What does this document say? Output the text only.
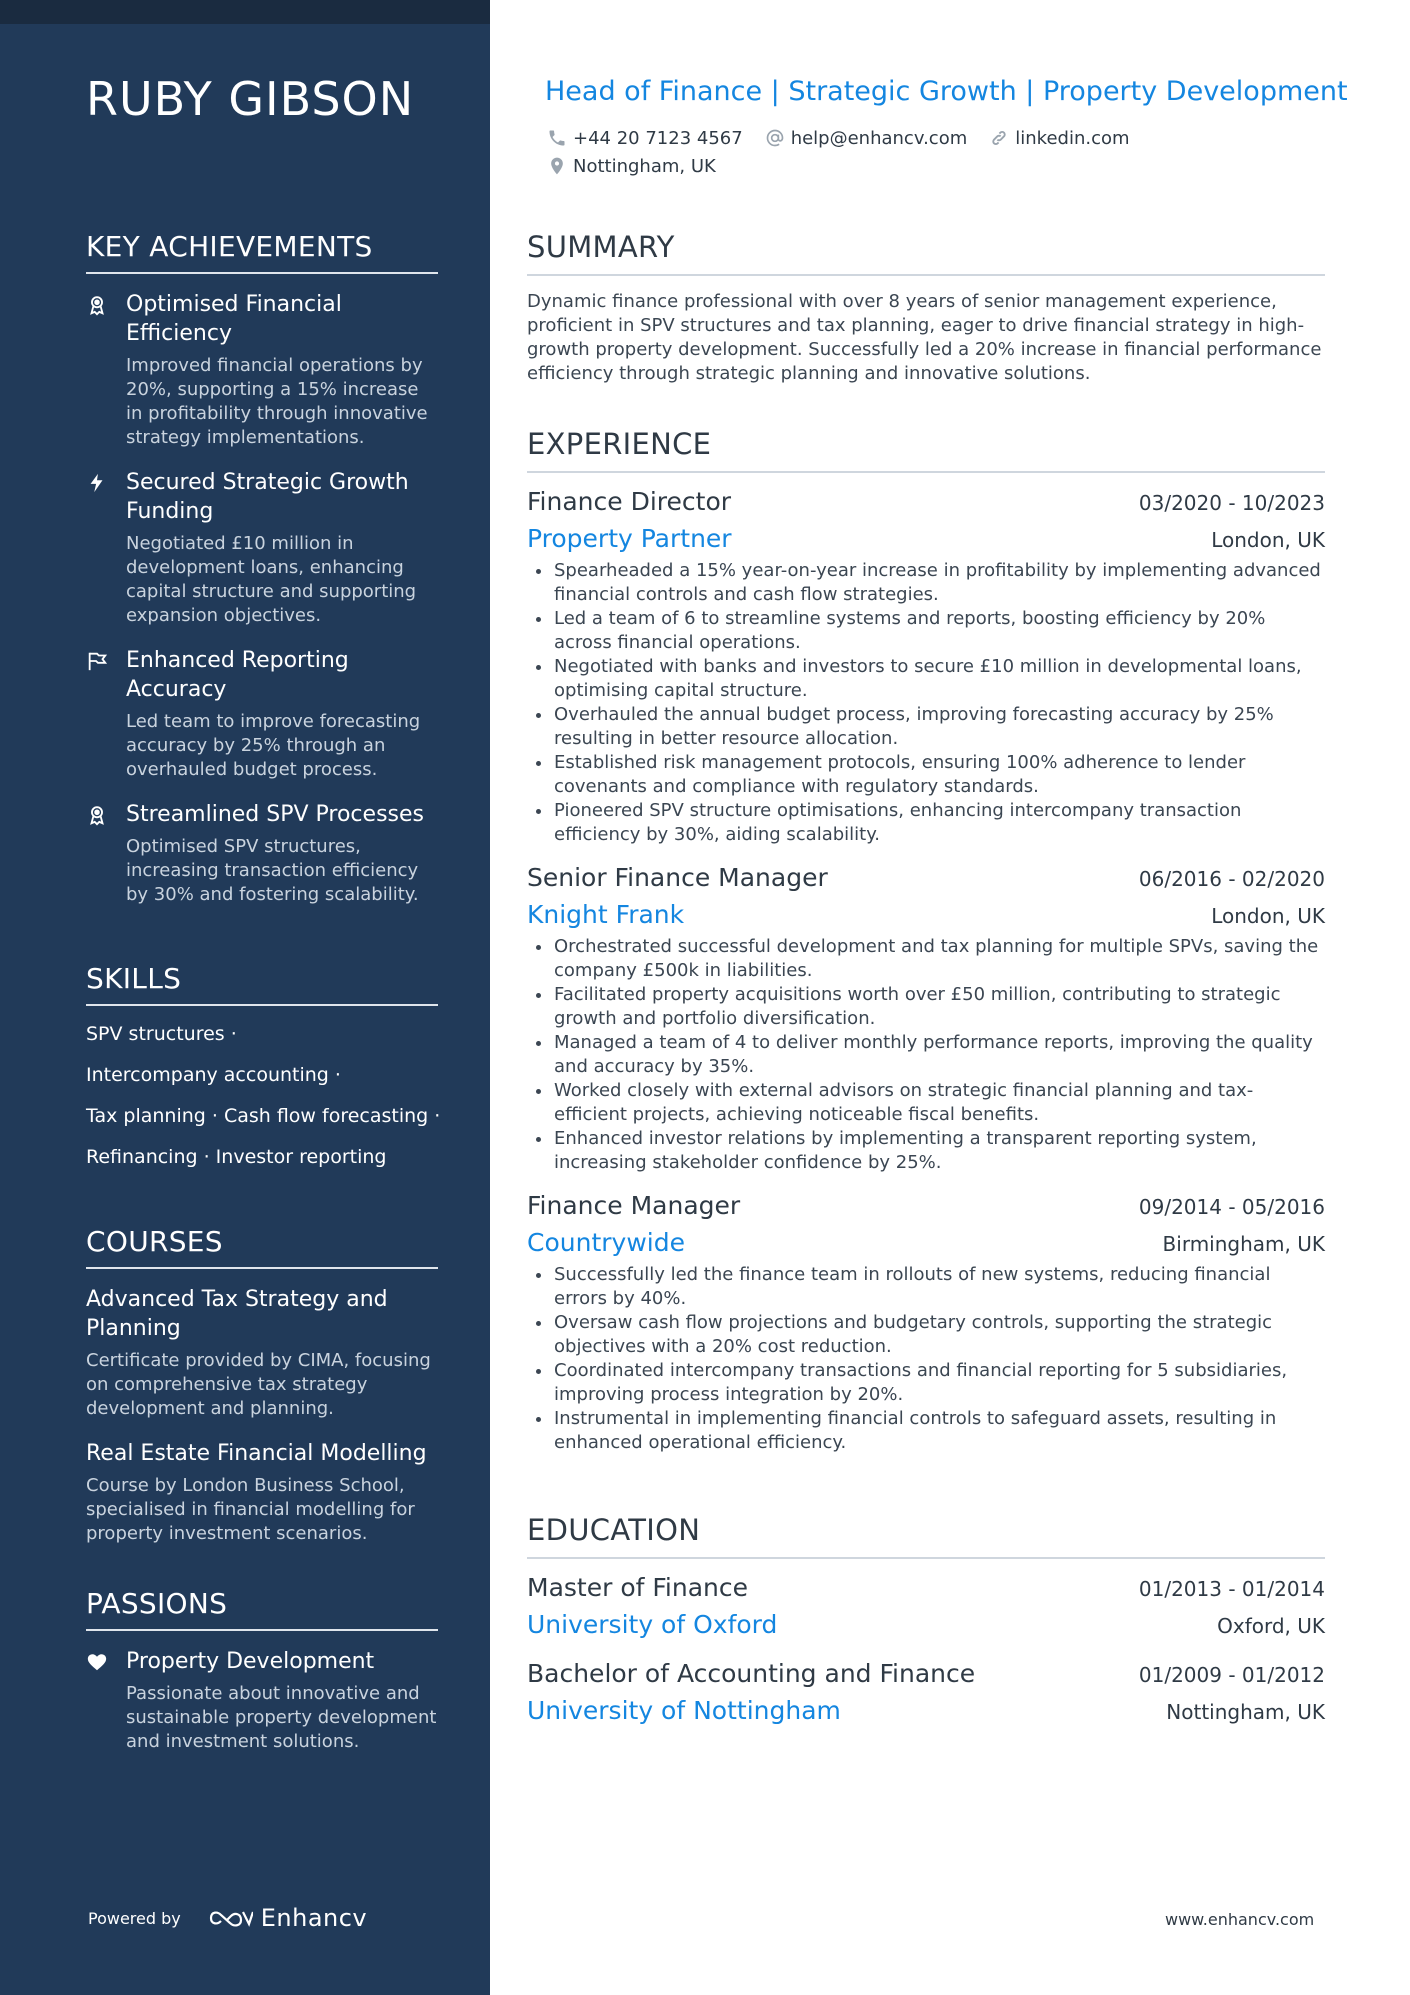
RUBY GIBSON
KEY ACHIEVEMENTS
Optimised Financial Efficiency
Improved financial operations by 20%, supporting a 15% increase in profitability through innovative strategy implementations.
Secured Strategic Growth Funding
Negotiated £10 million in development loans, enhancing capital structure and supporting expansion objectives.
Enhanced Reporting Accuracy
Led team to improve forecasting accuracy by 25% through an overhauled budget process.
Streamlined SPV Processes
Optimised SPV structures, increasing transaction efficiency by 30% and fostering scalability.
SKILLS
SPV structures ·
Intercompany accounting ·
Tax planning · Cash flow forecasting ·
Refinancing · Investor reporting
COURSES
Advanced Tax Strategy and Planning
Certificate provided by CIMA, focusing on comprehensive tax strategy development and planning.
Real Estate Financial Modelling
Course by London Business School, specialised in financial modelling for property investment scenarios.
PASSIONS
Property Development
Passionate about innovative and sustainable property development and investment solutions.
Powered by	Enhancv
Head of Finance | Strategic Growth | Property Development
+44 20 7123 4567	help@enhancv.com	linkedin.com
Nottingham, UK
SUMMARY
Dynamic finance professional with over 8 years of senior management experience, proficient in SPV structures and tax planning, eager to drive financial strategy in high-growth property development. Successfully led a 20% increase in financial performance efficiency through strategic planning and innovative solutions.
EXPERIENCE
Finance Director	03/2020 - 10/2023
Property Partner	London, UK
Spearheaded a 15% year-on-year increase in profitability by implementing advanced financial controls and cash flow strategies.
Led a team of 6 to streamline systems and reports, boosting efficiency by 20% across financial operations.
Negotiated with banks and investors to secure £10 million in developmental loans, optimising capital structure.
Overhauled the annual budget process, improving forecasting accuracy by 25% resulting in better resource allocation.
Established risk management protocols, ensuring 100% adherence to lender covenants and compliance with regulatory standards.
Pioneered SPV structure optimisations, enhancing intercompany transaction efficiency by 30%, aiding scalability.
Senior Finance Manager	06/2016 - 02/2020
Knight Frank	London, UK
Orchestrated successful development and tax planning for multiple SPVs, saving the company £500k in liabilities.
Facilitated property acquisitions worth over £50 million, contributing to strategic growth and portfolio diversification.
Managed a team of 4 to deliver monthly performance reports, improving the quality and accuracy by 35%.
Worked closely with external advisors on strategic financial planning and tax-efficient projects, achieving noticeable fiscal benefits.
Enhanced investor relations by implementing a transparent reporting system, increasing stakeholder confidence by 25%.
Finance Manager	09/2014 - 05/2016
Countrywide	Birmingham, UK
Successfully led the finance team in rollouts of new systems, reducing financial errors by 40%.
Oversaw cash flow projections and budgetary controls, supporting the strategic objectives with a 20% cost reduction.
Coordinated intercompany transactions and financial reporting for 5 subsidiaries, improving process integration by 20%.
Instrumental in implementing financial controls to safeguard assets, resulting in enhanced operational efficiency.
EDUCATION
Master of Finance	01/2013 - 01/2014
University of Oxford	Oxford, UK
Bachelor of Accounting and Finance	01/2009 - 01/2012
University of Nottingham	Nottingham, UK
www.enhancv.com
